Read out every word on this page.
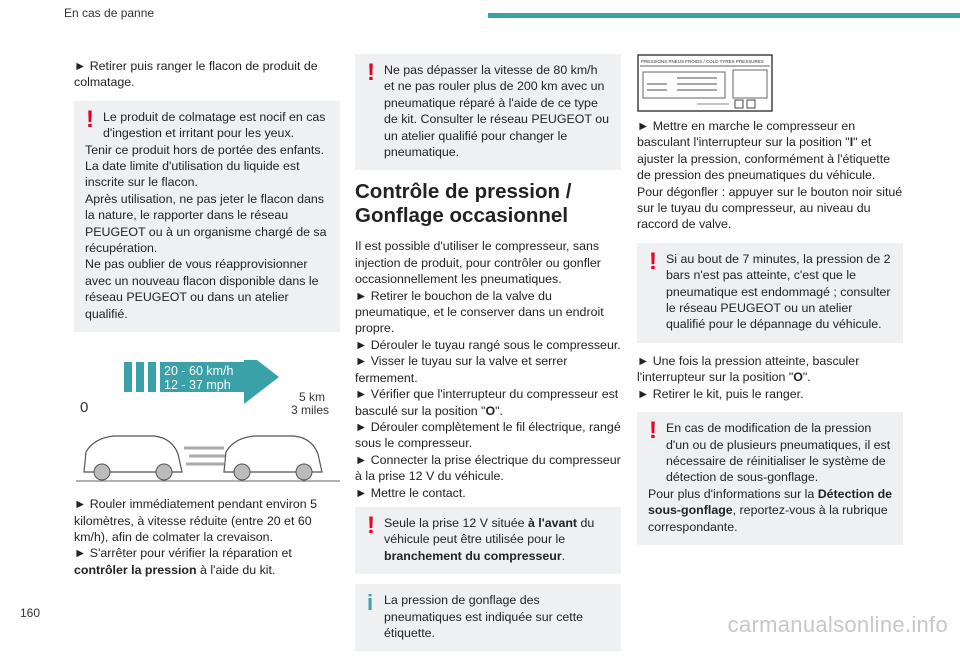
En cas de panne

► Retirer puis ranger le flacon de produit de colmatage.

! Le produit de colmatage est nocif en cas d'ingestion et irritant pour les yeux.

Tenir ce produit hors de portée des enfants.

La date limite d'utilisation du liquide est inscrite sur le flacon.

Après utilisation, ne pas jeter le flacon dans la nature, le rapporter dans le réseau PEUGEOT ou à un organisme chargé de sa récupération.

Ne pas oublier de vous réapprovisionner avec un nouveau flacon disponible dans le réseau PEUGEOT ou dans un atelier qualifié.

20 - 60 km/h
12 - 37 mph
5 km
3 miles
0

► Rouler immédiatement pendant environ 5 kilomètres, à vitesse réduite (entre 20 et 60 km/h), afin de colmater la crevaison.

► S'arrêter pour vérifier la réparation et contrôler la pression à l'aide du kit.

! Ne pas dépasser la vitesse de 80 km/h et ne pas rouler plus de 200 km avec un pneumatique réparé à l'aide de ce type de kit. Consulter le réseau PEUGEOT ou un atelier qualifié pour changer le pneumatique.

Contrôle de pression / Gonflage occasionnel

Il est possible d'utiliser le compresseur, sans injection de produit, pour contrôler ou gonfler occasionnellement les pneumatiques.

► Retirer le bouchon de la valve du pneumatique, et le conserver dans un endroit propre.

► Dérouler le tuyau rangé sous le compresseur.

► Visser le tuyau sur la valve et serrer fermement.

► Vérifier que l'interrupteur du compresseur est basculé sur la position "O".

► Dérouler complètement le fil électrique, rangé sous le compresseur.

► Connecter la prise électrique du compresseur à la prise 12 V du véhicule.

► Mettre le contact.

! Seule la prise 12 V située à l'avant du véhicule peut être utilisée pour le branchement du compresseur.

i La pression de gonflage des pneumatiques est indiquée sur cette étiquette.

PRESSIONS PNEUS FROIDS / COLD TYRES PRESSURES

► Mettre en marche le compresseur en basculant l'interrupteur sur la position "I" et ajuster la pression, conformément à l'étiquette de pression des pneumatiques du véhicule. Pour dégonfler : appuyer sur le bouton noir situé sur le tuyau du compresseur, au niveau du raccord de valve.

! Si au bout de 7 minutes, la pression de 2 bars n'est pas atteinte, c'est que le pneumatique est endommagé ; consulter le réseau PEUGEOT ou un atelier qualifié pour le dépannage du véhicule.

► Une fois la pression atteinte, basculer l'interrupteur sur la position "O".

► Retirer le kit, puis le ranger.

! En cas de modification de la pression d'un ou de plusieurs pneumatiques, il est nécessaire de réinitialiser le système de détection de sous-gonflage.

Pour plus d'informations sur la Détection de sous-gonflage, reportez-vous à la rubrique correspondante.

160	carmanualsonline.info
